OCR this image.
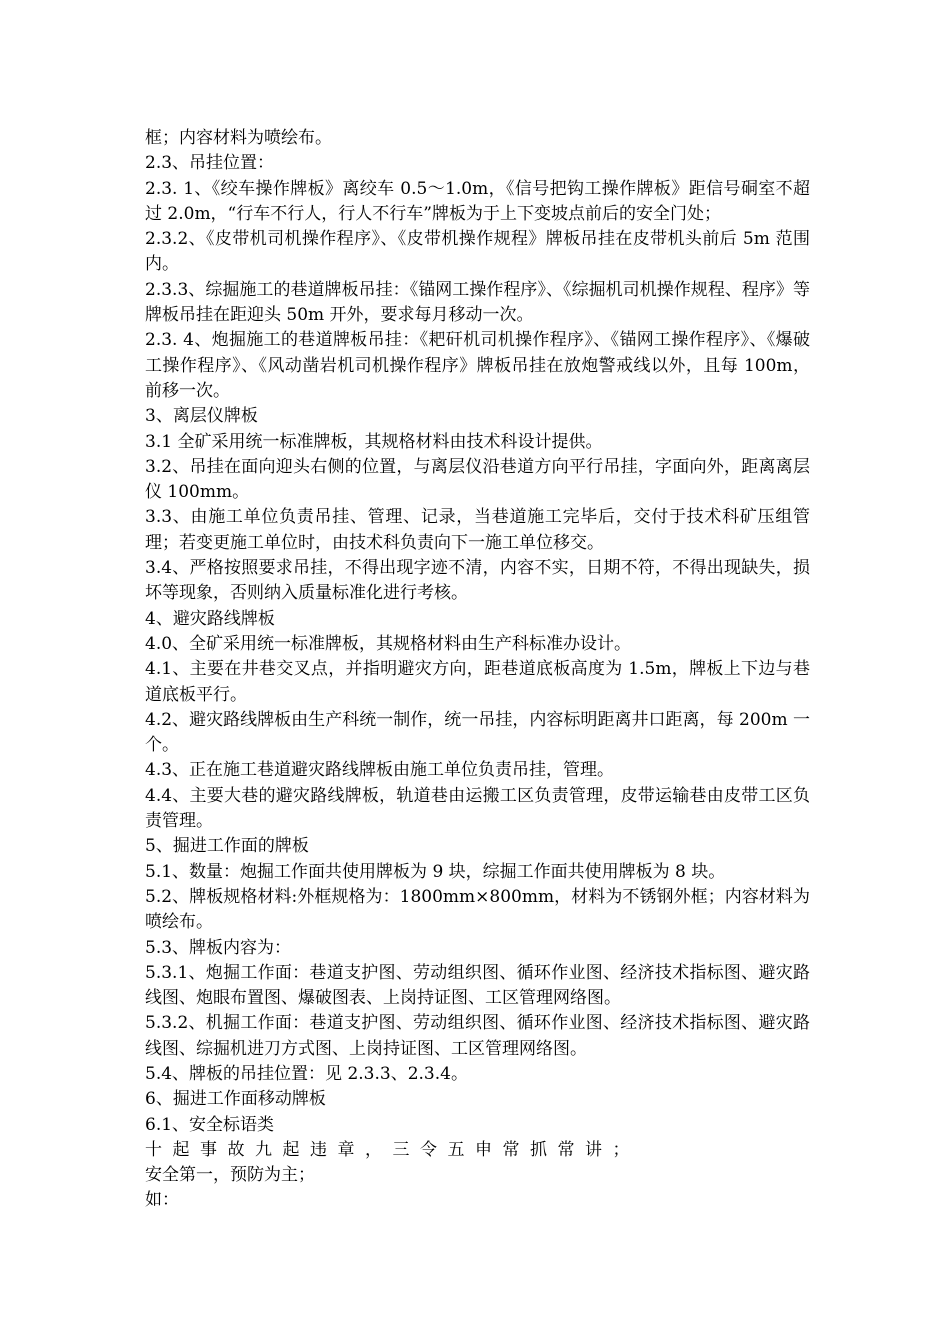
框；内容材料为喷绘布。

2.3、吊挂位置：

2.3. 1、《绞车操作牌板》离绞车 0.5～1.0m，《信号把钩工操作牌板》距信号硐室不超过 2.0m，“行车不行人，行人不行车”牌板为于上下变坡点前后的安全门处；

2.3.2、《皮带机司机操作程序》、《皮带机操作规程》牌板吊挂在皮带机头前后 5m 范围内。

2.3.3、综掘施工的巷道牌板吊挂：《锚网工操作程序》、《综掘机司机操作规程、程序》等牌板吊挂在距迎头 50m 开外，要求每月移动一次。

2.3. 4、炮掘施工的巷道牌板吊挂：《耙矸机司机操作程序》、《锚网工操作程序》、《爆破工操作程序》、《风动凿岩机司机操作程序》牌板吊挂在放炮警戒线以外，且每 100m，前移一次。

3、离层仪牌板

3.1 全矿采用统一标准牌板，其规格材料由技术科设计提供。

3.2、吊挂在面向迎头右侧的位置，与离层仪沿巷道方向平行吊挂，字面向外，距离离层仪 100mm。

3.3、由施工单位负责吊挂、管理、记录，当巷道施工完毕后，交付于技术科矿压组管理；若变更施工单位时，由技术科负责向下一施工单位移交。

3.4、严格按照要求吊挂，不得出现字迹不清，内容不实，日期不符，不得出现缺失，损坏等现象，否则纳入质量标准化进行考核。

4、避灾路线牌板

4.0、全矿采用统一标准牌板，其规格材料由生产科标准办设计。

4.1、主要在井巷交叉点，并指明避灾方向，距巷道底板高度为 1.5m，牌板上下边与巷道底板平行。

4.2、避灾路线牌板由生产科统一制作，统一吊挂，内容标明距离井口距离，每 200m 一个。

4.3、正在施工巷道避灾路线牌板由施工单位负责吊挂，管理。

4.4、主要大巷的避灾路线牌板，轨道巷由运搬工区负责管理，皮带运输巷由皮带工区负责管理。

5、掘进工作面的牌板

5.1、数量：炮掘工作面共使用牌板为 9 块，综掘工作面共使用牌板为 8 块。

5.2、牌板规格材料:外框规格为：1800mm×800mm，材料为不锈钢外框；内容材料为喷绘布。

5.3、牌板内容为：

5.3.1、炮掘工作面：巷道支护图、劳动组织图、循环作业图、经济技术指标图、避灾路线图、炮眼布置图、爆破图表、上岗持证图、工区管理网络图。

5.3.2、机掘工作面：巷道支护图、劳动组织图、循环作业图、经济技术指标图、避灾路线图、综掘机进刀方式图、上岗持证图、工区管理网络图。

5.4、牌板的吊挂位置：见 2.3.3、2.3.4。

6、掘进工作面移动牌板

6.1、安全标语类

十起事故九起违章，三令五申常抓常讲；

安全第一，预防为主；

如：
